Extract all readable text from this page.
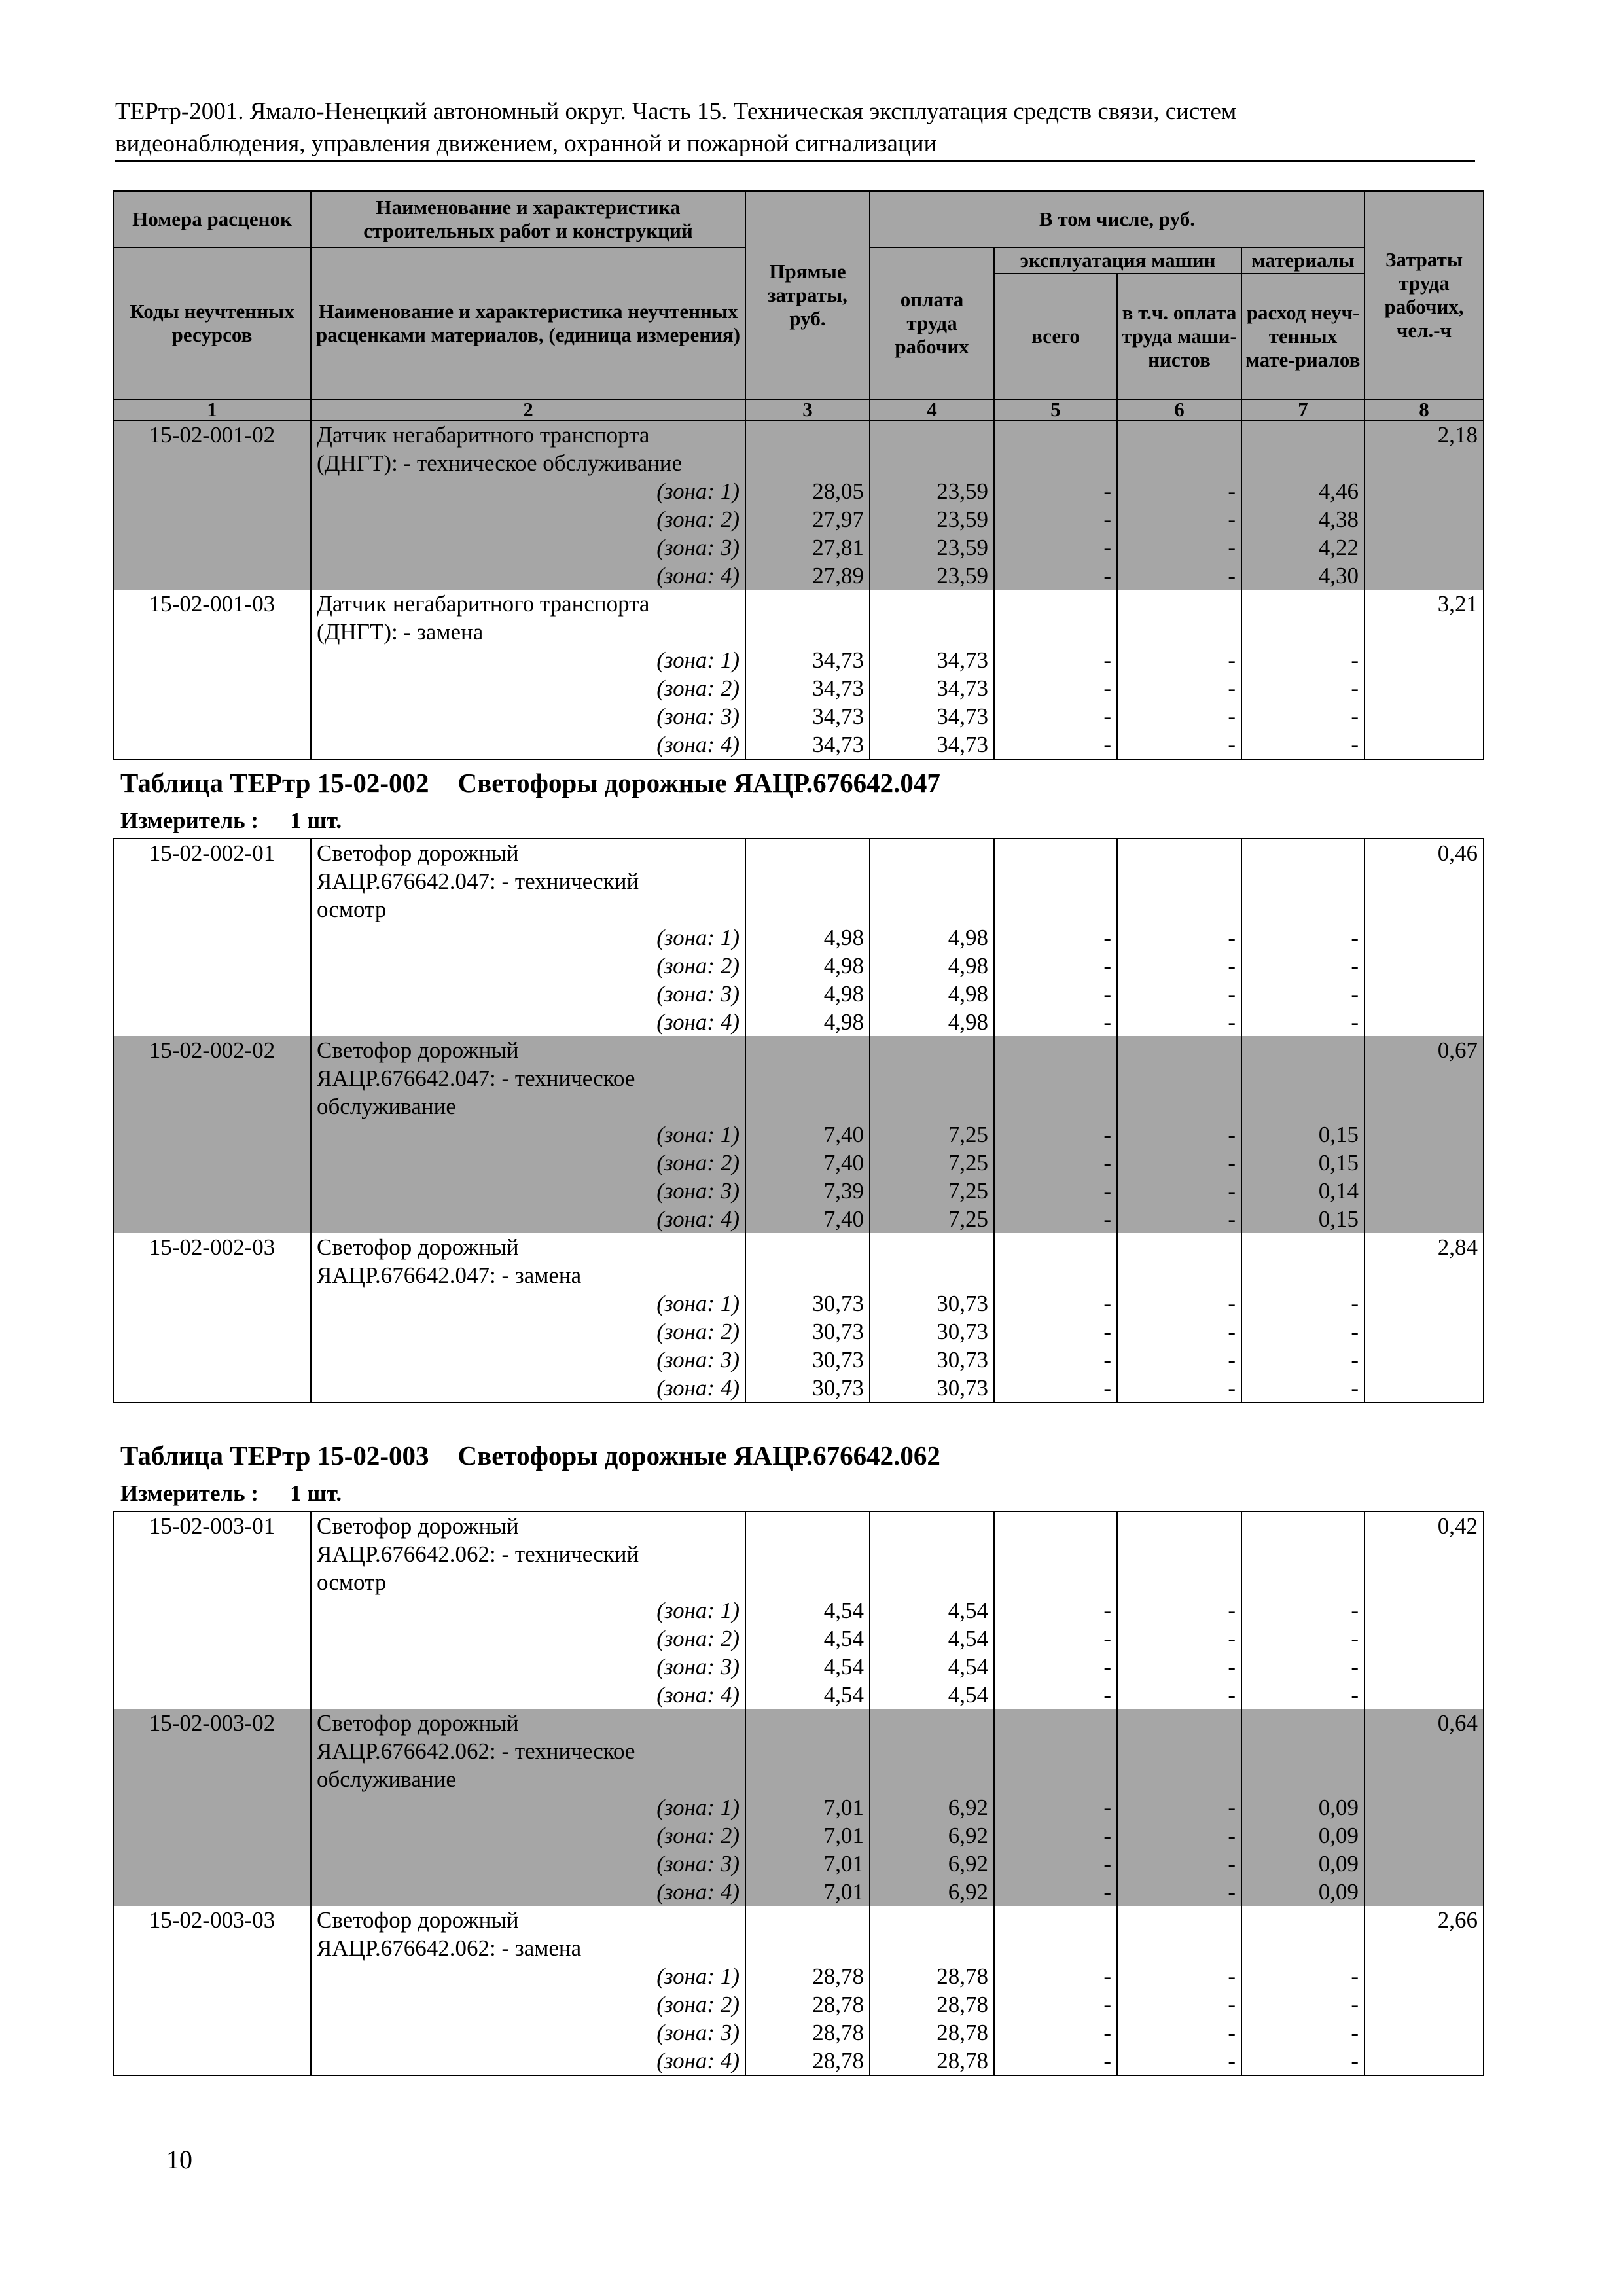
ТЕРтр-2001. Ямало-Ненецкий автономный округ. Часть 15. Техническая эксплуатация средств связи, систем
видеонаблюдения, управления движением, охранной и пожарной сигнализации
Номера расценок	Наименование и характеристика строительных работ и конструкций	Прямые затраты, руб.	В том числе, руб.				Затраты труда рабочих, чел.-ч
Коды неучтенных ресурсов	Наименование и характеристика неучтенных расценками материалов, (единица измерения)		оплата труда рабочих	эксплуатация машин		материалы	
				всего	в т.ч. оплата труда маши-нистов	расход неуч-тенных мате-риалов	
1	2	3	4	5	6	7	8
15-02-001-02	Датчик негабаритного транспорта						2,18
	(ДНГТ): - техническое обслуживание						
	(зона: 1)	28,05	23,59	-	-	4,46	
	(зона: 2)	27,97	23,59	-	-	4,38	
	(зона: 3)	27,81	23,59	-	-	4,22	
	(зона: 4)	27,89	23,59	-	-	4,30	
15-02-001-03	Датчик негабаритного транспорта						3,21
	(ДНГТ): - замена						
	(зона: 1)	34,73	34,73	-	-	-	
	(зона: 2)	34,73	34,73	-	-	-	
	(зона: 3)	34,73	34,73	-	-	-	
	(зона: 4)	34,73	34,73	-	-	-	
Таблица ТЕРтр 15-02-002 Светофоры дорожные ЯАЦР.676642.047
Измеритель : 1 шт.
15-02-002-01	Светофор дорожный						0,46
	ЯАЦР.676642.047: - технический						
	осмотр						
	(зона: 1)	4,98	4,98	-	-	-	
	(зона: 2)	4,98	4,98	-	-	-	
	(зона: 3)	4,98	4,98	-	-	-	
	(зона: 4)	4,98	4,98	-	-	-	
15-02-002-02	Светофор дорожный						0,67
	ЯАЦР.676642.047: - техническое						
	обслуживание						
	(зона: 1)	7,40	7,25	-	-	0,15	
	(зона: 2)	7,40	7,25	-	-	0,15	
	(зона: 3)	7,39	7,25	-	-	0,14	
	(зона: 4)	7,40	7,25	-	-	0,15	
15-02-002-03	Светофор дорожный						2,84
	ЯАЦР.676642.047: - замена						
	(зона: 1)	30,73	30,73	-	-	-	
	(зона: 2)	30,73	30,73	-	-	-	
	(зона: 3)	30,73	30,73	-	-	-	
	(зона: 4)	30,73	30,73	-	-	-	
Таблица ТЕРтр 15-02-003 Светофоры дорожные ЯАЦР.676642.062
Измеритель : 1 шт.
15-02-003-01	Светофор дорожный						0,42
	ЯАЦР.676642.062: - технический						
	осмотр						
	(зона: 1)	4,54	4,54	-	-	-	
	(зона: 2)	4,54	4,54	-	-	-	
	(зона: 3)	4,54	4,54	-	-	-	
	(зона: 4)	4,54	4,54	-	-	-	
15-02-003-02	Светофор дорожный						0,64
	ЯАЦР.676642.062: - техническое						
	обслуживание						
	(зона: 1)	7,01	6,92	-	-	0,09	
	(зона: 2)	7,01	6,92	-	-	0,09	
	(зона: 3)	7,01	6,92	-	-	0,09	
	(зона: 4)	7,01	6,92	-	-	0,09	
15-02-003-03	Светофор дорожный						2,66
	ЯАЦР.676642.062: - замена						
	(зона: 1)	28,78	28,78	-	-	-	
	(зона: 2)	28,78	28,78	-	-	-	
	(зона: 3)	28,78	28,78	-	-	-	
	(зона: 4)	28,78	28,78	-	-	-	
10
